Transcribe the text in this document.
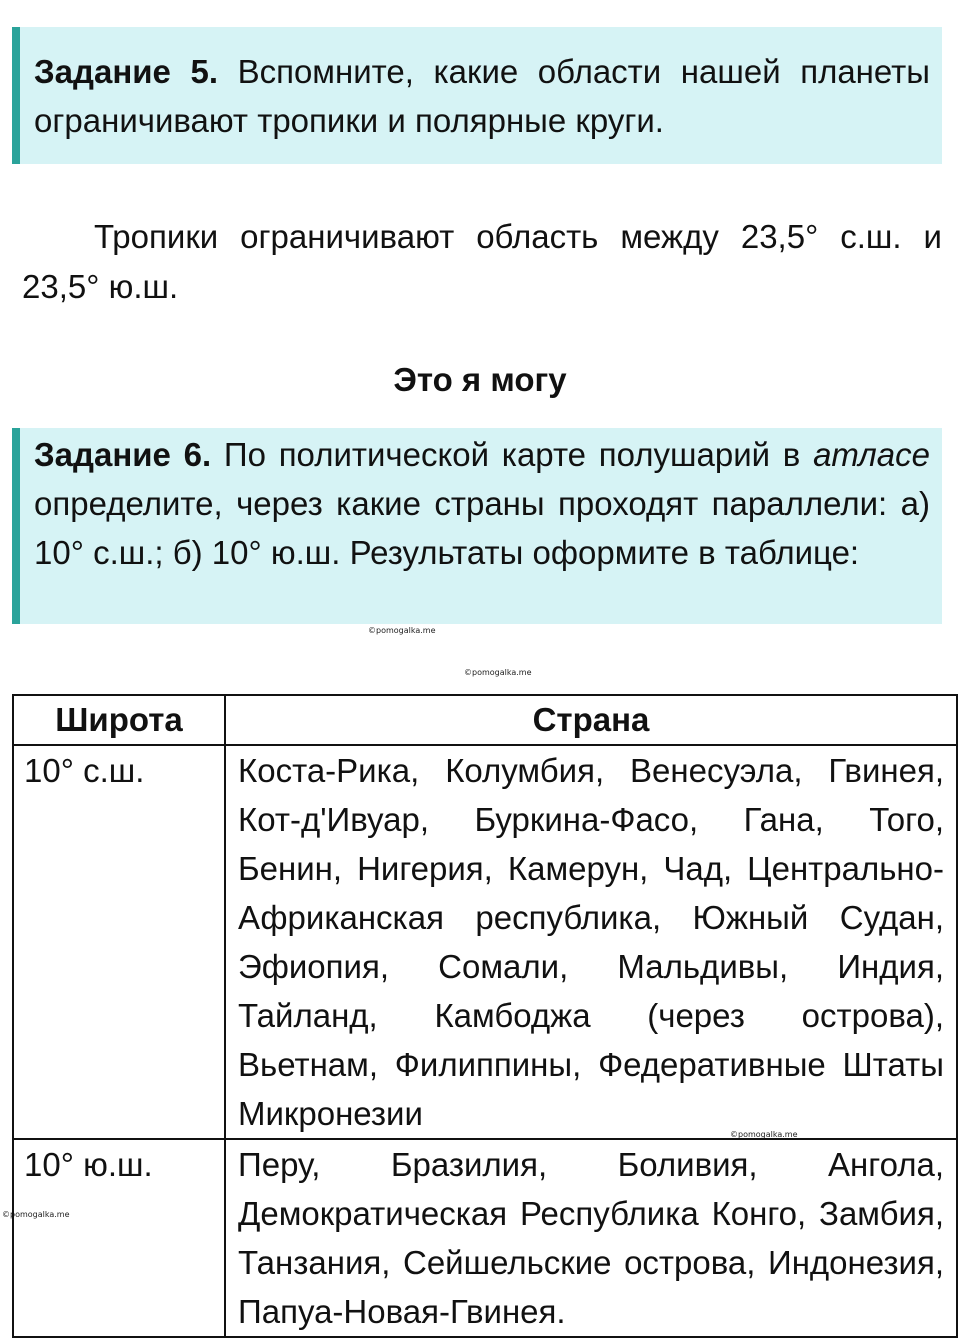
Задание 5. Вспомните, какие области нашей планеты ограничивают тропики и полярные круги.
Тропики ограничивают область между 23,5° с.ш. и 23,5° ю.ш.
Это я могу
Задание 6. По политической карте полушарий в атласе определите, через какие страны проходят параллели: а) 10° с.ш.; б) 10° ю.ш. Результаты оформите в таблице:
©pomogalka.me
©pomogalka.me
©pomogalka.me
©pomogalka.me
Широта	Страна
10° с.ш.	Коста-Рика, Колумбия, Венесуэла, Гвинея, Кот-д'Ивуар, Буркина-Фасо, Гана, Того, Бенин, Нигерия, Камерун, Чад, Центрально-Африканская республика, Южный Судан, Эфиопия, Сомали, Мальдивы, Индия, Тайланд, Камбоджа (через острова), Вьетнам, Филиппины, Федеративные Штаты Микронезии
10° ю.ш.	Перу, Бразилия, Боливия, Ангола, Демократическая Республика Конго, Замбия, Танзания, Сейшельские острова, Индонезия, Папуа-Новая-Гвинея.
